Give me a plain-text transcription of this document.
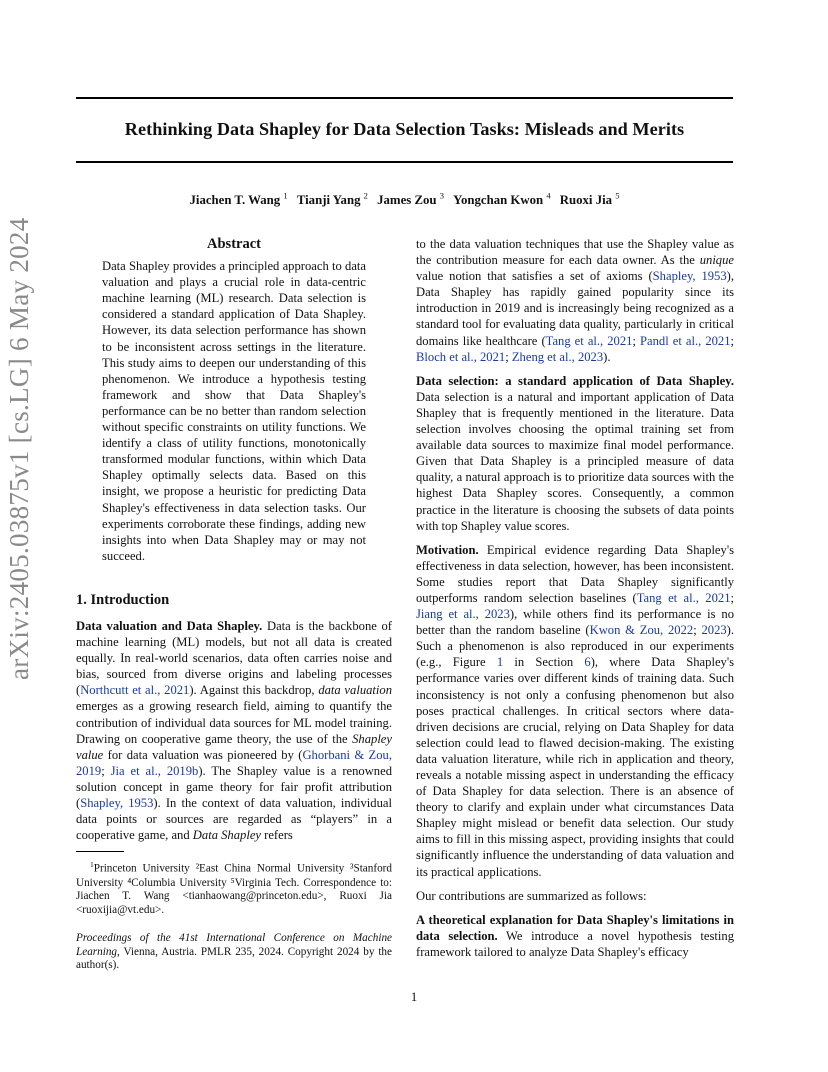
Rethinking Data Shapley for Data Selection Tasks: Misleads and Merits
Jiachen T. Wang $^1$ Tianji Yang $^2$ James Zou $^3$ Yongchan Kwon $^4$ Ruoxi Jia $^5$
arXiv:2405.03875v1 [cs.LG] 6 May 2024	Abstract

Data Shapley provides a principled approach to data valuation and plays a crucial role in data-centric machine learning (ML) research. Data selection is considered a standard application of Data Shapley. However, its data selection performance has shown to be inconsistent across settings in the literature. This study aims to deepen our understanding of this phenomenon. We introduce a hypothesis testing framework and show that Data Shapley's performance can be no better than random selection without specific constraints on utility functions. We identify a class of utility functions, monotonically transformed modular functions, within which Data Shapley optimally selects data. Based on this insight, we propose a heuristic for predicting Data Shapley's effectiveness in data selection tasks. Our experiments corroborate these findings, adding new insights into when Data Shapley may or may not succeed.

1. Introduction

Data valuation and Data Shapley. Data is the backbone of machine learning (ML) models, but not all data is created equally. In real-world scenarios, data often carries noise and bias, sourced from diverse origins and labeling processes (Northcutt et al., 2021). Against this backdrop, data valuation emerges as a growing research field, aiming to quantify the contribution of individual data sources for ML model training. Drawing on cooperative game theory, the use of the Shapley value for data valuation was pioneered by (Ghorbani & Zou, 2019; Jia et al., 2019b). The Shapley value is a renowned solution concept in game theory for fair profit attribution (Shapley, 1953). In the context of data valuation, individual data points or sources are regarded as “players” in a cooperative game, and Data Shapley refers

$^1$Princeton University ²East China Normal University ³Stanford University ⁴Columbia University ⁵Virginia Tech. Correspondence to: Jiachen T. Wang <tianhaowang@princeton.edu>, Ruoxi Jia <ruoxijia@vt.edu>.

Proceedings of the 41st International Conference on Machine Learning, Vienna, Austria. PMLR 235, 2024. Copyright 2024 by the author(s).

to the data valuation techniques that use the Shapley value as the contribution measure for each data owner. As the unique value notion that satisfies a set of axioms (Shapley, 1953), Data Shapley has rapidly gained popularity since its introduction in 2019 and is increasingly being recognized as a standard tool for evaluating data quality, particularly in critical domains like healthcare (Tang et al., 2021; Pandl et al., 2021; Bloch et al., 2021; Zheng et al., 2023).

Data selection: a standard application of Data Shapley. Data selection is a natural and important application of Data Shapley that is frequently mentioned in the literature. Data selection involves choosing the optimal training set from available data sources to maximize final model performance. Given that Data Shapley is a principled measure of data quality, a natural approach is to prioritize data sources with the highest Data Shapley scores. Consequently, a common practice in the literature is choosing the subsets of data points with top Shapley value scores.

Motivation. Empirical evidence regarding Data Shapley's effectiveness in data selection, however, has been inconsistent. Some studies report that Data Shapley significantly outperforms random selection baselines (Tang et al., 2021; Jiang et al., 2023), while others find its performance is no better than the random baseline (Kwon & Zou, 2022; 2023). Such a phenomenon is also reproduced in our experiments (e.g., Figure 1 in Section 6), where Data Shapley's performance varies over different kinds of training data. Such inconsistency is not only a confusing phenomenon but also poses practical challenges. In critical sectors where data-driven decisions are crucial, relying on Data Shapley for data selection could lead to flawed decision-making. The existing data valuation literature, while rich in application and theory, reveals a notable missing aspect in understanding the efficacy of Data Shapley for data selection. There is an absence of theory to clarify and explain under what circumstances Data Shapley might mislead or benefit data selection. Our study aims to fill in this missing aspect, providing insights that could significantly influence the understanding of data valuation and its practical applications.

Our contributions are summarized as follows:

A theoretical explanation for Data Shapley's limitations in data selection. We introduce a novel hypothesis testing framework tailored to analyze Data Shapley's efficacy

1
